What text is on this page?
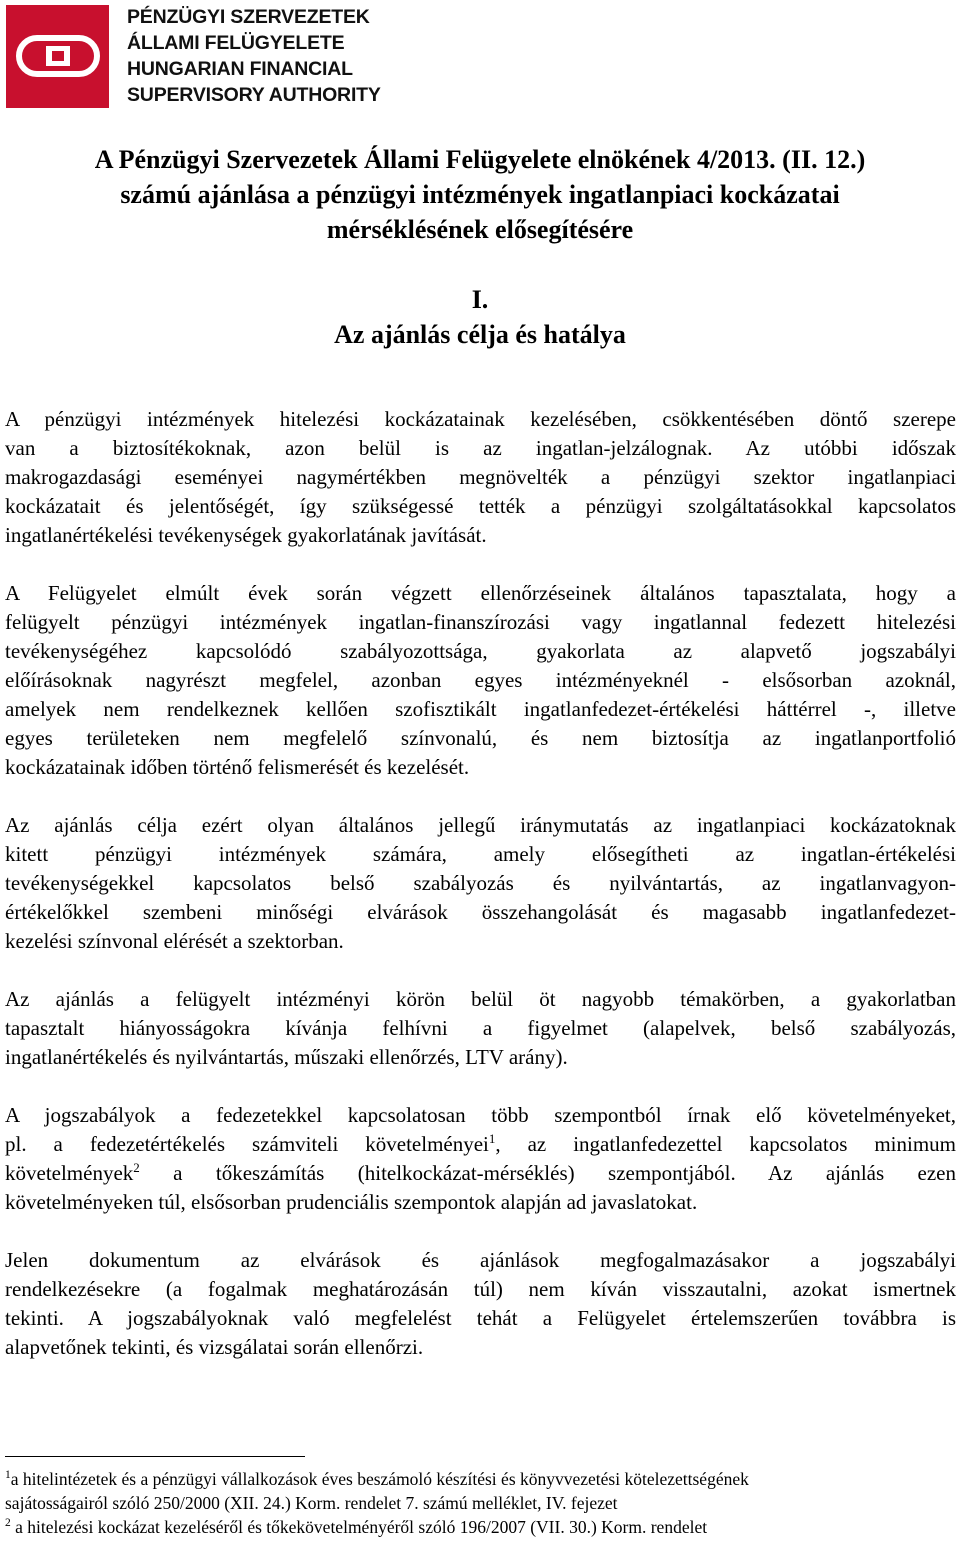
PÉNZÜGYI SZERVEZETEK
ÁLLAMI FELÜGYELETE
HUNGARIAN FINANCIAL
SUPERVISORY AUTHORITY
A Pénzügyi Szervezetek Állami Felügyelete elnökének 4/2013. (II. 12.)
számú ajánlása a pénzügyi intézmények ingatlanpiaci kockázatai
mérséklésének elősegítésére
I.
Az ajánlás célja és hatálya

A pénzügyi intézmények hitelezési kockázatainak kezelésében, csökkentésében döntő szerepe
van a biztosítékoknak, azon belül is az ingatlan-jelzálognak. Az utóbbi időszak
makrogazdasági eseményei nagymértékben megnövelték a pénzügyi szektor ingatlanpiaci
kockázatait és jelentőségét, így szükségessé tették a pénzügyi szolgáltatásokkal kapcsolatos
ingatlanértékelési tevékenységek gyakorlatának javítását.

A Felügyelet elmúlt évek során végzett ellenőrzéseinek általános tapasztalata, hogy a
felügyelt pénzügyi intézmények ingatlan-finanszírozási vagy ingatlannal fedezett hitelezési
tevékenységéhez kapcsolódó szabályozottsága, gyakorlata az alapvető jogszabályi
előírásoknak nagyrészt megfelel, azonban egyes intézményeknél - elsősorban azoknál,
amelyek nem rendelkeznek kellően szofisztikált ingatlanfedezet-értékelési háttérrel -, illetve
egyes területeken nem megfelelő színvonalú, és nem biztosítja az ingatlanportfolió
kockázatainak időben történő felismerését és kezelését.

Az ajánlás célja ezért olyan általános jellegű iránymutatás az ingatlanpiaci kockázatoknak
kitett pénzügyi intézmények számára, amely elősegítheti az ingatlan-értékelési
tevékenységekkel kapcsolatos belső szabályozás és nyilvántartás, az ingatlanvagyon-
értékelőkkel szembeni minőségi elvárások összehangolását és magasabb ingatlanfedezet-
kezelési színvonal elérését a szektorban.

Az ajánlás a felügyelt intézményi körön belül öt nagyobb témakörben, a gyakorlatban
tapasztalt hiányosságokra kívánja felhívni a figyelmet (alapelvek, belső szabályozás,
ingatlanértékelés és nyilvántartás, műszaki ellenőrzés, LTV arány).

A jogszabályok a fedezetekkel kapcsolatosan több szempontból írnak elő követelményeket,
pl. a fedezetértékelés számviteli követelményei$^1$, az ingatlanfedezettel kapcsolatos minimum
követelmények$^2$ a tőkeszámítás (hitelkockázat-mérséklés) szempontjából. Az ajánlás ezen
követelményeken túl, elsősorban prudenciális szempontok alapján ad javaslatokat.

Jelen dokumentum az elvárások és ajánlások megfogalmazásakor a jogszabályi
rendelkezésekre (a fogalmak meghatározásán túl) nem kíván visszautalni, azokat ismertnek
tekinti. A jogszabályoknak való megfelelést tehát a Felügyelet értelemszerűen továbbra is
alapvetőnek tekinti, és vizsgálatai során ellenőrzi.

$^1$a hitelintézetek és a pénzügyi vállalkozások éves beszámoló készítési és könyvvezetési kötelezettségének
sajátosságairól szóló 250/2000 (XII. 24.) Korm. rendelet 7. számú melléklet, IV. fejezet
$^2$ a hitelezési kockázat kezeléséről és tőkekövetelményéről szóló 196/2007 (VII. 30.) Korm. rendelet
